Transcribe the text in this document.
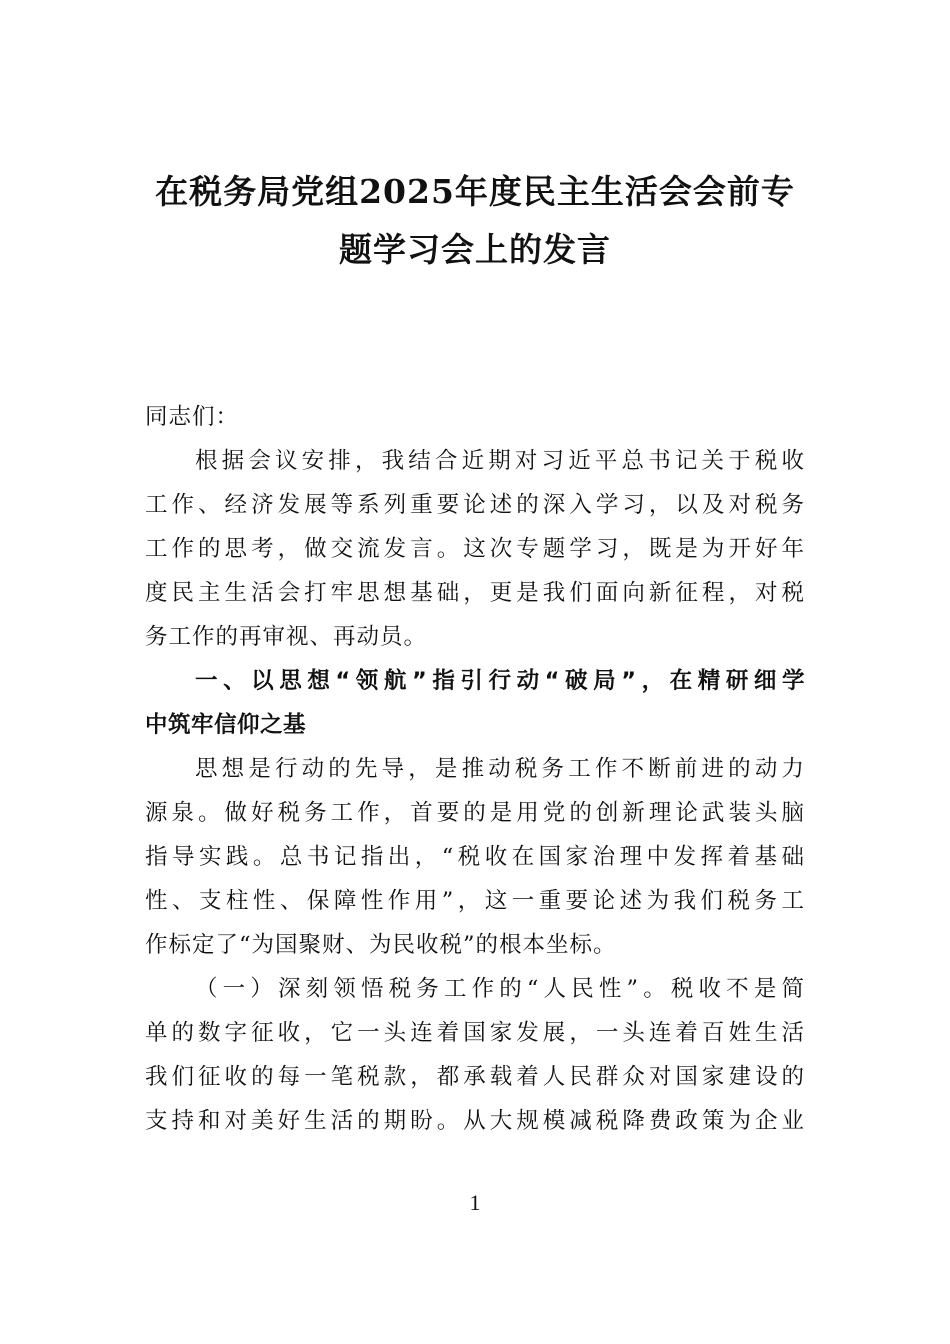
在税务局党组2025年度民主生活会会前专
题学习会上的发言
同志们：
根据会议安排，我结合近期对习近平总书记关于税收
工作、经济发展等系列重要论述的深入学习，以及对税务
工作的思考，做交流发言。这次专题学习，既是为开好年
度民主生活会打牢思想基础，更是我们面向新征程，对税
务工作的再审视、再动员。
一、以思想“领航”指引行动“破局”，在精研细学
中筑牢信仰之基
思想是行动的先导，是推动税务工作不断前进的动力
源泉。做好税务工作，首要的是用党的创新理论武装头脑
指导实践。总书记指出，“税收在国家治理中发挥着基础
性、支柱性、保障性作用”，这一重要论述为我们税务工
作标定了“为国聚财、为民收税”的根本坐标。
（一）深刻领悟税务工作的“人民性”。税收不是简
单的数字征收，它一头连着国家发展，一头连着百姓生活
我们征收的每一笔税款，都承载着人民群众对国家建设的
支持和对美好生活的期盼。从大规模减税降费政策为企业
1
